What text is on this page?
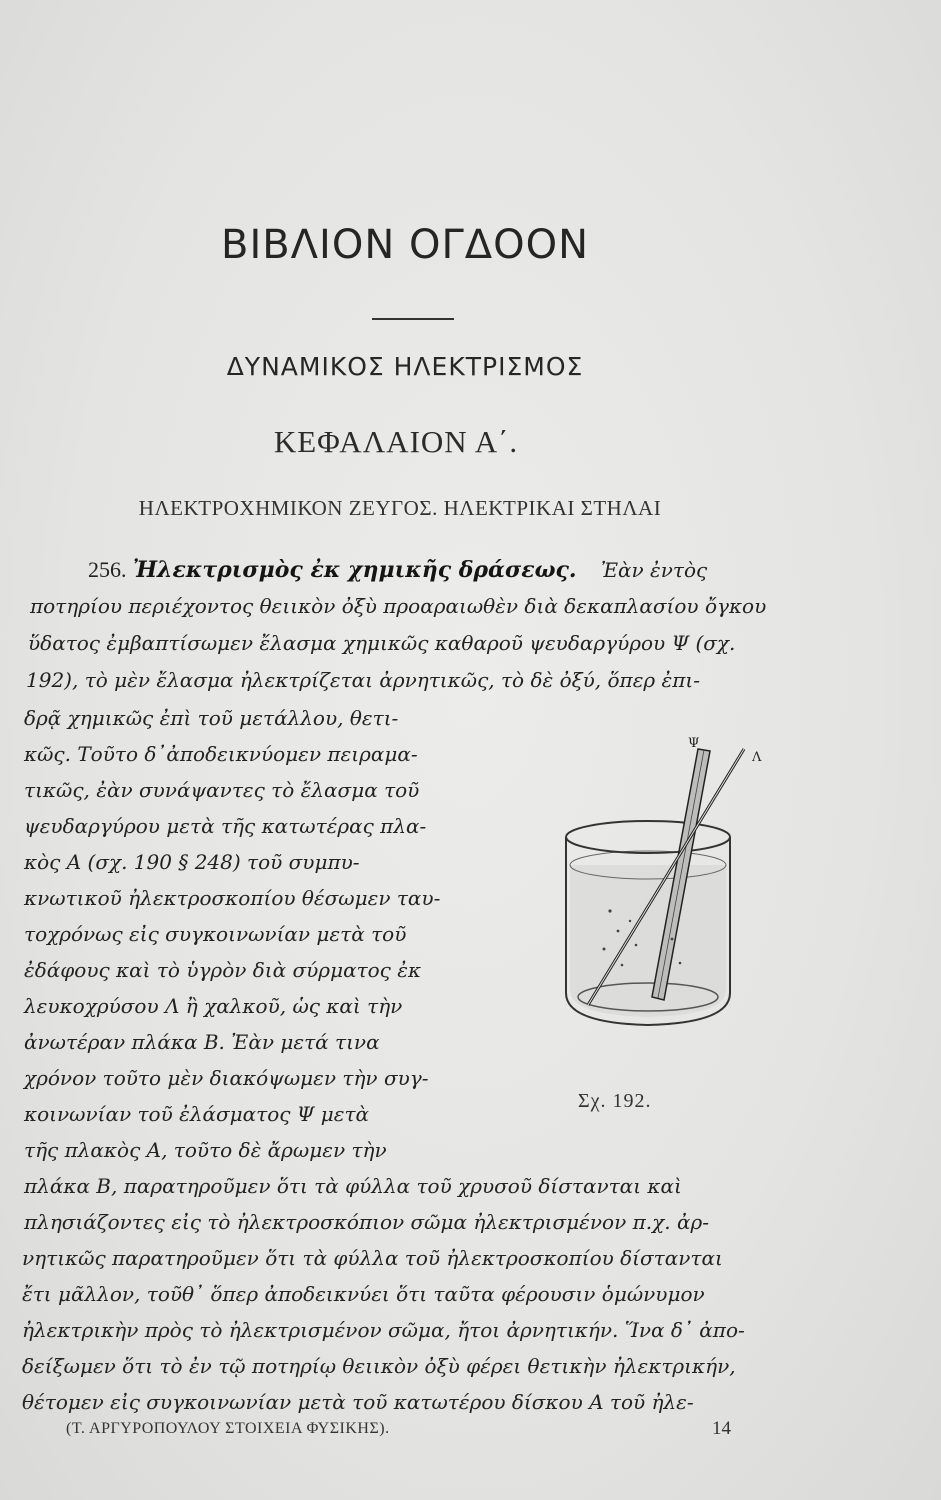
ΒΙΒΛΙΟΝ ΟΓΔΟΟΝ
ΔΥΝΑΜΙΚΟΣ ΗΛΕΚΤΡΙΣΜΟΣ
ΚΕΦΑΛΑΙΟΝ Α΄.
ΗΛΕΚΤΡΟΧΗΜΙΚΟΝ ΖΕΥΓΟΣ. ΗΛΕΚΤΡΙΚΑΙ ΣΤΗΛΑΙ
256. Ἠλεκτρισμὸς ἐκ χημικῆς δράσεως. Ἐὰν ἐντὸς
ποτηρίου περιέχοντος θειικὸν ὀξὺ προαραιωθὲν διὰ δεκαπλασίου ὄγκου
ὕδατος ἐμβαπτίσωμεν ἔλασμα χημικῶς καθαροῦ ψευδαργύρου Ψ (σχ.
192), τὸ μὲν ἔλασμα ἠλεκτρίζεται ἀρνητικῶς, τὸ δὲ ὀξύ, ὅπερ ἐπι-
δρᾷ χημικῶς ἐπὶ τοῦ μετάλλου, θετι-
κῶς. Τοῦτο δ᾽ἀποδεικνύομεν πειραμα-
τικῶς, ἐὰν συνάψαντες τὸ ἔλασμα τοῦ
ψευδαργύρου μετὰ τῆς κατωτέρας πλα-
κὸς Α (σχ. 190 § 248) τοῦ συμπυ-
κνωτικοῦ ἠλεκτροσκοπίου θέσωμεν ταυ-
τοχρόνως εἰς συγκοινωνίαν μετὰ τοῦ
ἐδάφους καὶ τὸ ὑγρὸν διὰ σύρματος ἐκ
λευκοχρύσου Λ ἢ χαλκοῦ, ὡς καὶ τὴν
ἀνωτέραν πλάκα Β. Ἐὰν μετά τινα
χρόνον τοῦτο μὲν διακόψωμεν τὴν συγ-
κοινωνίαν τοῦ ἐλάσματος Ψ μετὰ
τῆς πλακὸς Α, τοῦτο δὲ ἄρωμεν τὴν
πλάκα Β, παρατηροῦμεν ὅτι τὰ φύλλα τοῦ χρυσοῦ δίστανται καὶ
πλησιάζοντες εἰς τὸ ἠλεκτροσκόπιον σῶμα ἠλεκτρισμένον π.χ. ἀρ-
νητικῶς παρατηροῦμεν ὅτι τὰ φύλλα τοῦ ἠλεκτροσκοπίου δίστανται
ἔτι μᾶλλον, τοῦθ᾽ ὅπερ ἀποδεικνύει ὅτι ταῦτα φέρουσιν ὁμώνυμον
ἠλεκτρικὴν πρὸς τὸ ἠλεκτρισμένον σῶμα, ἤτοι ἀρνητικήν. Ἵνα δ᾽ ἀπο-
δείξωμεν ὅτι τὸ ἐν τῷ ποτηρίῳ θειικὸν ὀξὺ φέρει θετικὴν ἠλεκτρικήν,
θέτομεν εἰς συγκοινωνίαν μετὰ τοῦ κατωτέρου δίσκου Α τοῦ ἠλε-
Ψ
Λ
Σχ. 192.
(Τ. ΑΡΓΥΡΟΠΟΥΛΟΥ ΣΤΟΙΧΕΙΑ ΦΥΣΙΚΗΣ).	14
